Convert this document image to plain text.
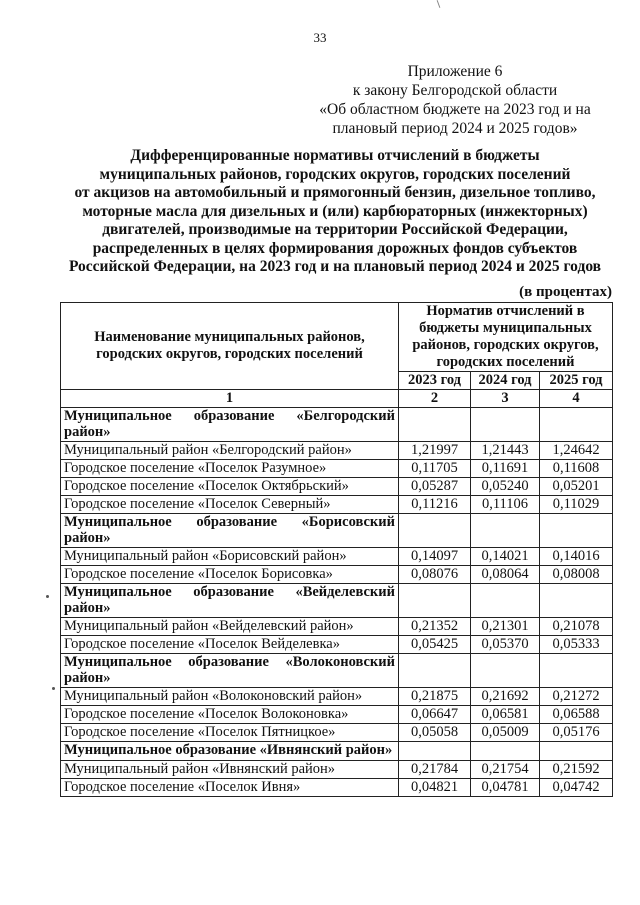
33
Приложение 6
к закону Белгородской области
«Об областном бюджете на 2023 год и на
плановый период 2024 и 2025 годов»
Дифференцированные нормативы отчислений в бюджеты
муниципальных районов, городских округов, городских поселений
от акцизов на автомобильный и прямогонный бензин, дизельное топливо,
моторные масла для дизельных и (или) карбюраторных (инжекторных)
двигателей, производимые на территории Российской Федерации,
распределенных в целях формирования дорожных фондов субъектов
Российской Федерации, на 2023 год и на плановый период 2024 и 2025 годов
(в процентах)
Наименование муниципальных районов, городских округов, городских поселений	Норматив отчислений в бюджеты муниципальных районов, городских округов, городских поселений		
	2023 год	2024 год	2025 год
1	2	3	4
Муниципальное образование «Белгородский район»			
Муниципальный район «Белгородский район»	1,21997	1,21443	1,24642
Городское поселение «Поселок Разумное»	0,11705	0,11691	0,11608
Городское поселение «Поселок Октябрьский»	0,05287	0,05240	0,05201
Городское поселение «Поселок Северный»	0,11216	0,11106	0,11029
Муниципальное образование «Борисовский район»			
Муниципальный район «Борисовский район»	0,14097	0,14021	0,14016
Городское поселение «Поселок Борисовка»	0,08076	0,08064	0,08008
Муниципальное образование «Вейделевский район»			
Муниципальный район «Вейделевский район»	0,21352	0,21301	0,21078
Городское поселение «Поселок Вейделевка»	0,05425	0,05370	0,05333
Муниципальное образование «Волоконовский район»			
Муниципальный район «Волоконовский район»	0,21875	0,21692	0,21272
Городское поселение «Поселок Волоконовка»	0,06647	0,06581	0,06588
Городское поселение «Поселок Пятницкое»	0,05058	0,05009	0,05176
Муниципальное образование «Ивнянский район»			
Муниципальный район «Ивнянский район»	0,21784	0,21754	0,21592
Городское поселение «Поселок Ивня»	0,04821	0,04781	0,04742
